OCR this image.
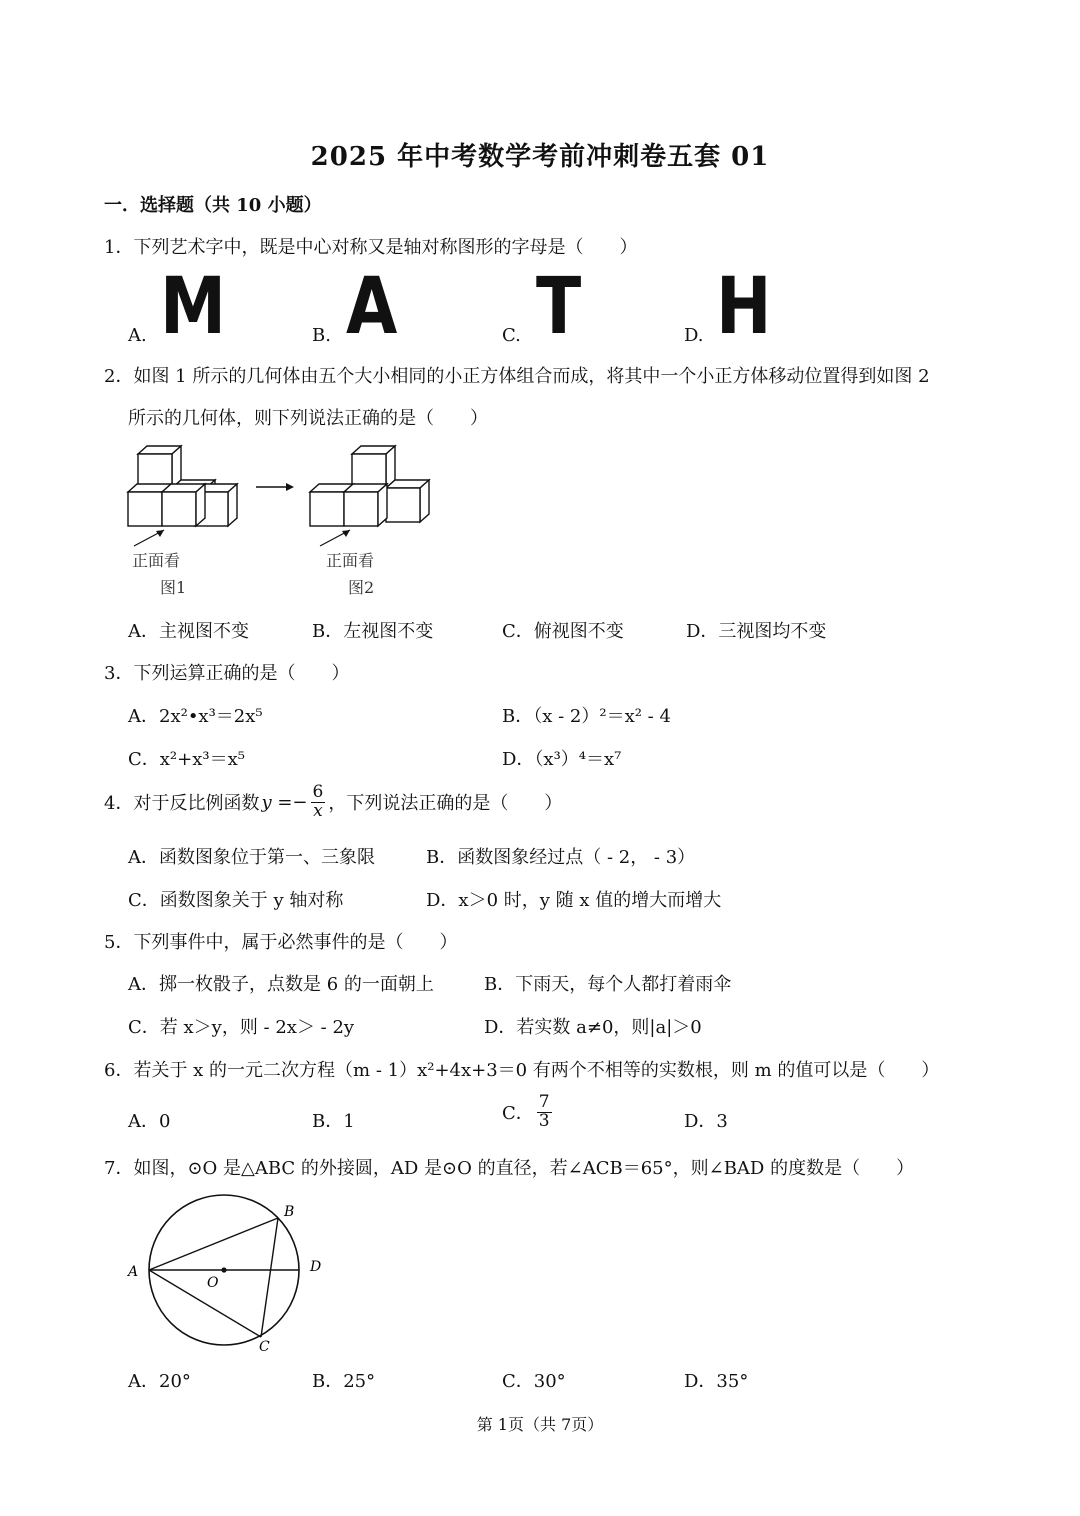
2025 年中考数学考前冲刺卷五套 01
一．选择题（共 10 小题）
1．下列艺术字中，既是中心对称又是轴对称图形的字母是（　　）
A. M	B. A	C. T	D. H
2．如图 1 所示的几何体由五个大小相同的小正方体组合而成，将其中一个小正方体移动位置得到如图 2
所示的几何体，则下列说法正确的是（　　）
正面看
图1
正面看
图2
A．主视图不变	B．左视图不变	C．俯视图不变	D．三视图均不变
3．下列运算正确的是（　　）
A．2x²•x³＝2x⁵	B．（x - 2）²＝x² - 4
C．x²+x³＝x⁵	D．（x³）⁴＝x⁷
4．对于反比例函数 $y =- \frac{6}{x}$ ，下列说法正确的是（　　）
A．函数图象位于第一、三象限	B．函数图象经过点（ - 2， - 3）
C．函数图象关于 y 轴对称	D．x＞0 时，y 随 x 值的增大而增大
5．下列事件中，属于必然事件的是（　　）
A．掷一枚骰子，点数是 6 的一面朝上	B．下雨天，每个人都打着雨伞
C．若 x＞y，则 - 2x＞ - 2y	D．若实数 a≠0，则|a|＞0
6．若关于 x 的一元二次方程（m - 1）x²+4x+3＝0 有两个不相等的实数根，则 m 的值可以是（　　）
A．0	B．1	C． $\frac{7}{3}$	D．3
7．如图，⊙O 是△ABC 的外接圆，AD 是⊙O 的直径，若∠ACB＝65°，则∠BAD 的度数是（　　）
A
B
C
D
O
A．20°	B．25°	C．30°	D．35°
第 1页（共 7页）
